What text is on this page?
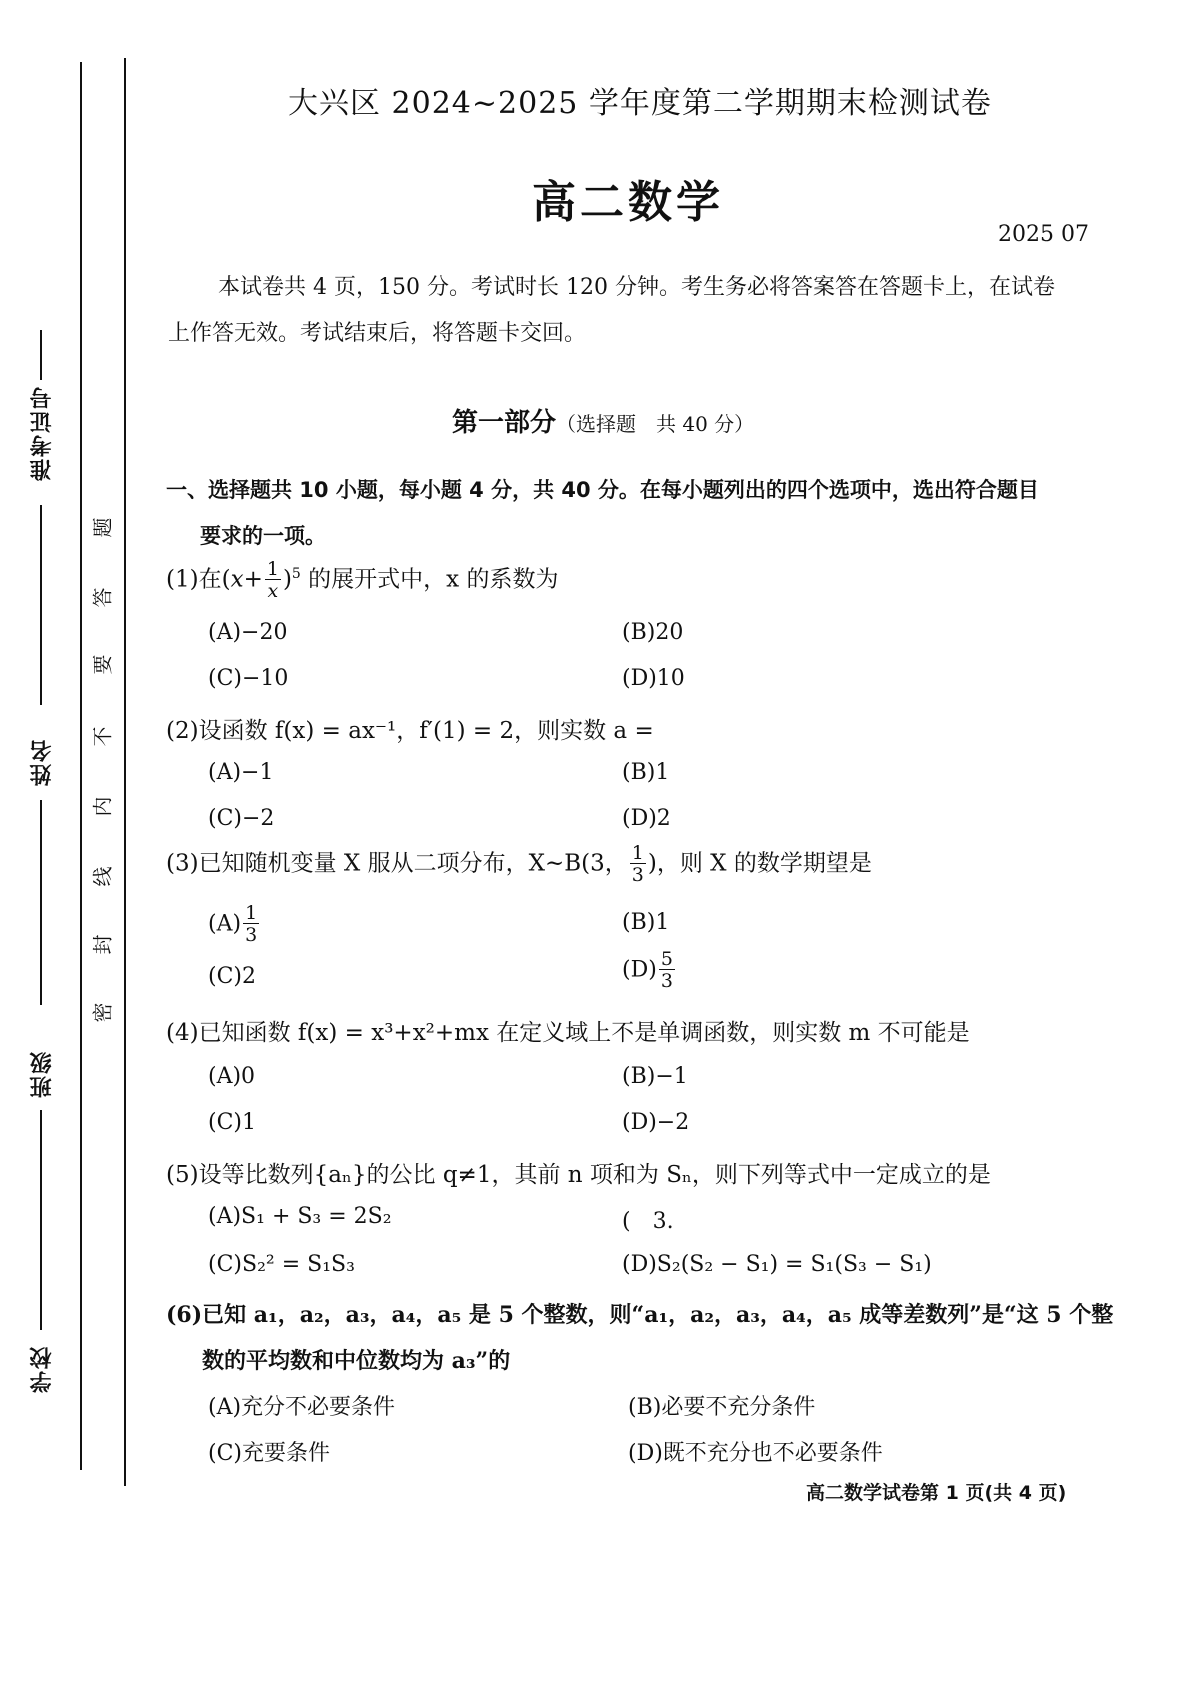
准考证号
姓名
班级
学校
题
答
要
不
内
线
封
密
大兴区 2024~2025 学年度第二学期期末检测试卷
高二数学
2025 07
本试卷共 4 页，150 分。考试时长 120 分钟。考生务必将答案答在答题卡上，在试卷
上作答无效。考试结束后，将答题卡交回。
第一部分（选择题　共 40 分）
一、选择题共 10 小题，每小题 4 分，共 40 分。在每小题列出的四个选项中，选出符合题目
要求的一项。
(1)在$(x+ \frac{1}{x} )^5$ 的展开式中，x 的系数为
(A)−20	(B)20
(C)−10	(D)10
(2)设函数 f(x) = ax⁻¹，f′(1) = 2，则实数 a =
(A)−1	(B)1
(C)−2	(D)2
(3)已知随机变量 X 服从二项分布，X~B(3， $\frac{1}{3}$ )，则 X 的数学期望是
$(A) \frac{1}{3}$	(B)1
(C)2	$(D) \frac{5}{3}$
(4)已知函数 f(x) = x³+x²+mx 在定义域上不是单调函数，则实数 m 不可能是
(A)0	(B)−1
(C)1	(D)−2
(5)设等比数列{aₙ}的公比 q≠1，其前 n 项和为 Sₙ，则下列等式中一定成立的是
(A)S₁ + S₃ = 2S₂	(　3.
(C)S₂² = S₁S₃	(D)S₂(S₂ − S₁) = S₁(S₃ − S₁)
(6)已知 a₁，a₂，a₃，a₄，a₅ 是 5 个整数，则“a₁，a₂，a₃，a₄，a₅ 成等差数列”是“这 5 个整
数的平均数和中位数均为 a₃”的
(A)充分不必要条件	(B)必要不充分条件
(C)充要条件	(D)既不充分也不必要条件
高二数学试卷第 1 页(共 4 页)
